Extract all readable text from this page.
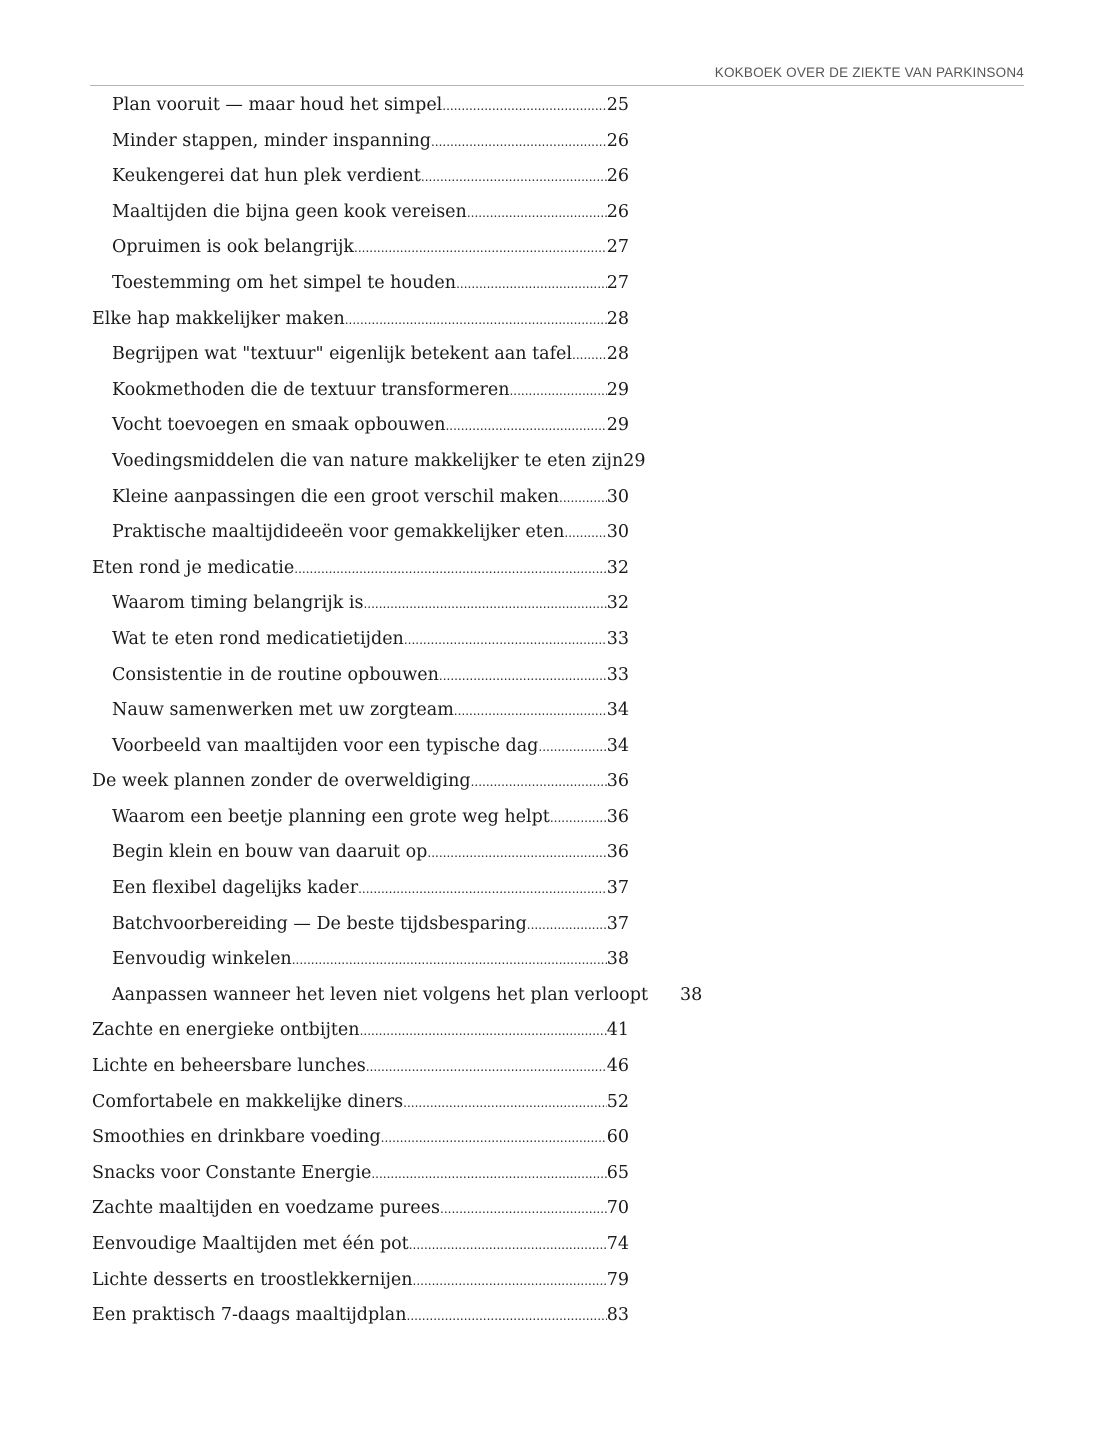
KOKBOEK OVER DE ZIEKTE VAN PARKINSON4
Plan vooruit — maar houd het simpel .....	25
Minder stappen, minder inspanning .....	26
Keukengerei dat hun plek verdient .....	26
Maaltijden die bijna geen kook vereisen .....	26
Opruimen is ook belangrijk .....	27
Toestemming om het simpel te houden .....	27
Elke hap makkelijker maken .....	28
Begrijpen wat "textuur" eigenlijk betekent aan tafel ..... 28
Kookmethoden die de textuur transformeren .....	29
Vocht toevoegen en smaak opbouwen .....	29
Voedingsmiddelen die van nature makkelijker te eten zijn 29
Kleine aanpassingen die een groot verschil maken .....	30
Praktische maaltijdideeën voor gemakkelijker eten ..... 30
Eten rond je medicatie .....	32
Waarom timing belangrijk is .....	32
Wat te eten rond medicatietijden .....	33
Consistentie in de routine opbouwen .....	33
Nauw samenwerken met uw zorgteam .....	34
Voorbeeld van maaltijden voor een typische dag .....	34
De week plannen zonder de overweldiging .....	36
Waarom een beetje planning een grote weg helpt .....	36
Begin klein en bouw van daaruit op .....	36
Een flexibel dagelijks kader .....	37
Batchvoorbereiding — De beste tijdsbesparing .....	37
Eenvoudig winkelen .....	38
Aanpassen wanneer het leven niet volgens het plan verloopt 38
Zachte en energieke ontbijten .....	41
Lichte en beheersbare lunches .....	46
Comfortabele en makkelijke diners .....	52
Smoothies en drinkbare voeding .....	60
Snacks voor Constante Energie .....	65
Zachte maaltijden en voedzame purees .....	70
Eenvoudige Maaltijden met één pot .....	74
Lichte desserts en troostlekkernijen .....	79
Een praktisch 7-daags maaltijdplan .....	83
